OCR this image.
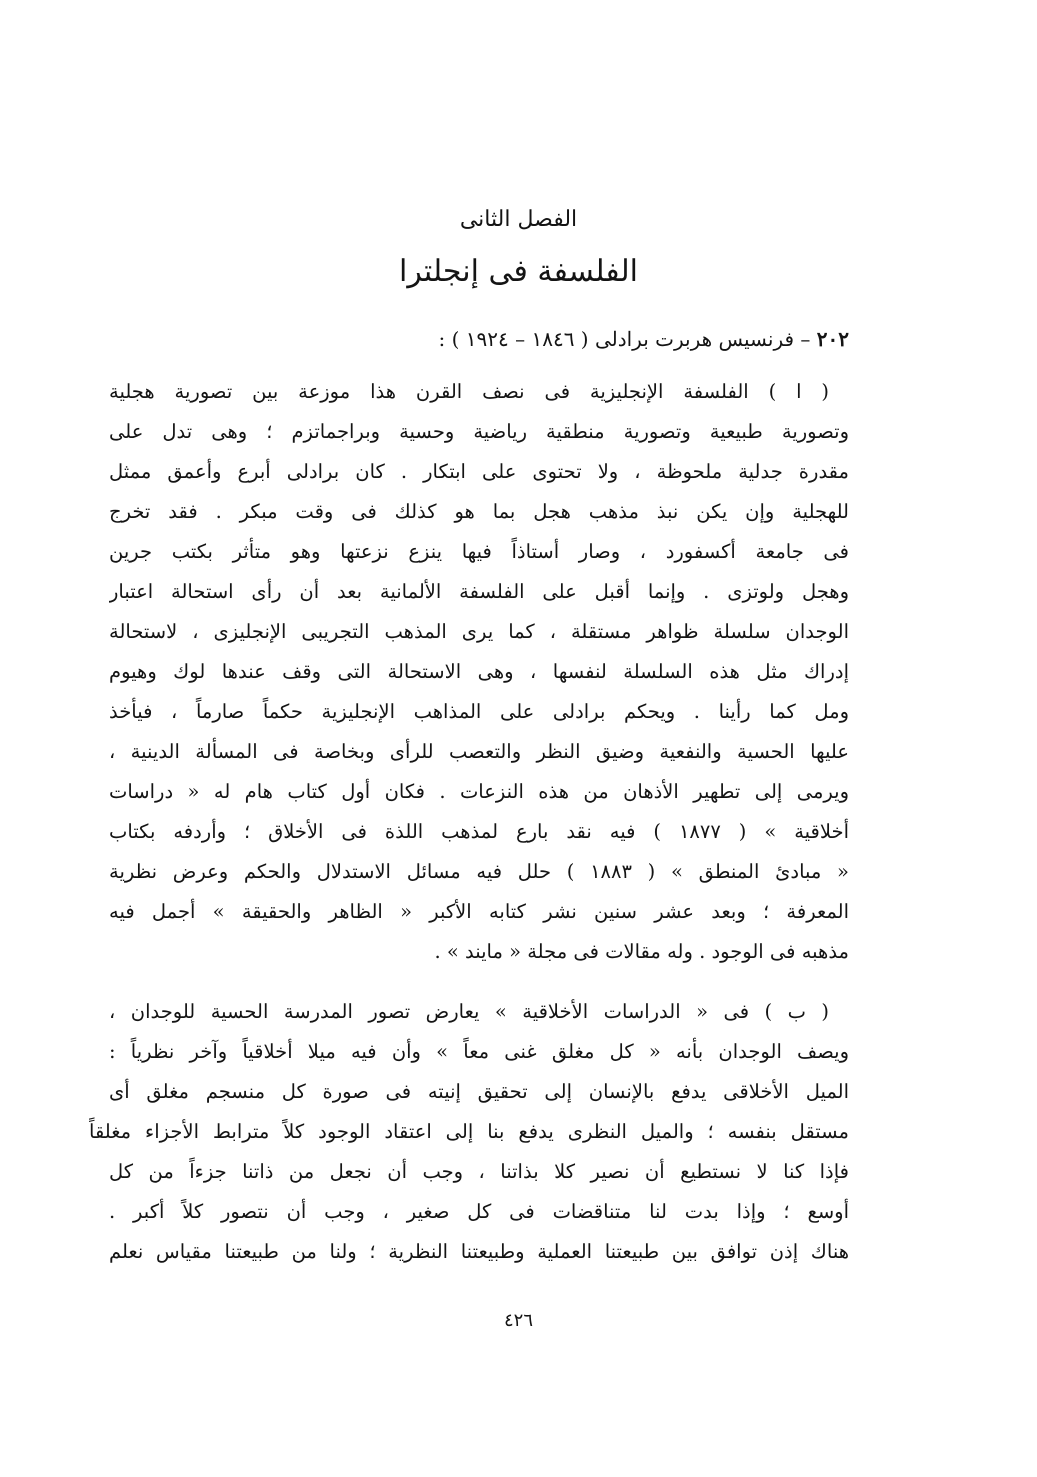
الفصل الثانى
الفلسفة فى إنجلترا
٢٠٢ – فرنسيس هربرت برادلى ( ١٨٤٦ – ١٩٢٤ ) :
( ا ) الفلسفة الإنجليزية فى نصف القرن هذا موزعة بين تصورية هجلية
وتصورية طبيعية وتصورية منطقية رياضية وحسية وبراجماتزم ؛ وهى تدل على
مقدرة جدلية ملحوظة ، ولا تحتوى على ابتكار . كان برادلى أبرع وأعمق ممثل
للهجلية وإن يكن نبذ مذهب هجل بما هو كذلك فى وقت مبكر . فقد تخرج
فى جامعة أكسفورد ، وصار أستاذاً فيها ينزع نزعتها وهو متأثر بكتب جرين
وهجل ولوتزى . وإنما أقبل على الفلسفة الألمانية بعد أن رأى استحالة اعتبار
الوجدان سلسلة ظواهر مستقلة ، كما يرى المذهب التجريبى الإنجليزى ، لاستحالة
إدراك مثل هذه السلسلة لنفسها ، وهى الاستحالة التى وقف عندها لوك وهيوم
ومل كما رأينا . ويحكم برادلى على المذاهب الإنجليزية حكماً صارماً ، فيأخذ
عليها الحسية والنفعية وضيق النظر والتعصب للرأى وبخاصة فى المسألة الدينية ،
ويرمى إلى تطهير الأذهان من هذه النزعات . فكان أول كتاب هام له « دراسات
أخلاقية » ( ١٨٧٧ ) فيه نقد بارع لمذهب اللذة فى الأخلاق ؛ وأردفه بكتاب
« مبادئ المنطق » ( ١٨٨٣ ) حلل فيه مسائل الاستدلال والحكم وعرض نظرية
المعرفة ؛ وبعد عشر سنين نشر كتابه الأكبر « الظاهر والحقيقة » أجمل فيه
مذهبه فى الوجود . وله مقالات فى مجلة « مايند » .
( ب ) فى « الدراسات الأخلاقية » يعارض تصور المدرسة الحسية للوجدان ،
ويصف الوجدان بأنه « كل مغلق غنى معاً » وأن فيه ميلا أخلاقياً وآخر نظرياً :
الميل الأخلاقى يدفع بالإنسان إلى تحقيق إنيته فى صورة كل منسجم مغلق أى
مستقل بنفسه ؛ والميل النظرى يدفع بنا إلى اعتقاد الوجود كلاً مترابط الأجزاء مغلقاً
فإذا كنا لا نستطيع أن نصير كلا بذاتنا ، وجب أن نجعل من ذاتنا جزءاً من كل
أوسع ؛ وإذا بدت لنا متناقضات فى كل صغير ، وجب أن نتصور كلاً أكبر .
هناك إذن توافق بين طبيعتنا العملية وطبيعتنا النظرية ؛ ولنا من طبيعتنا مقياس نعلم
٤٢٦
